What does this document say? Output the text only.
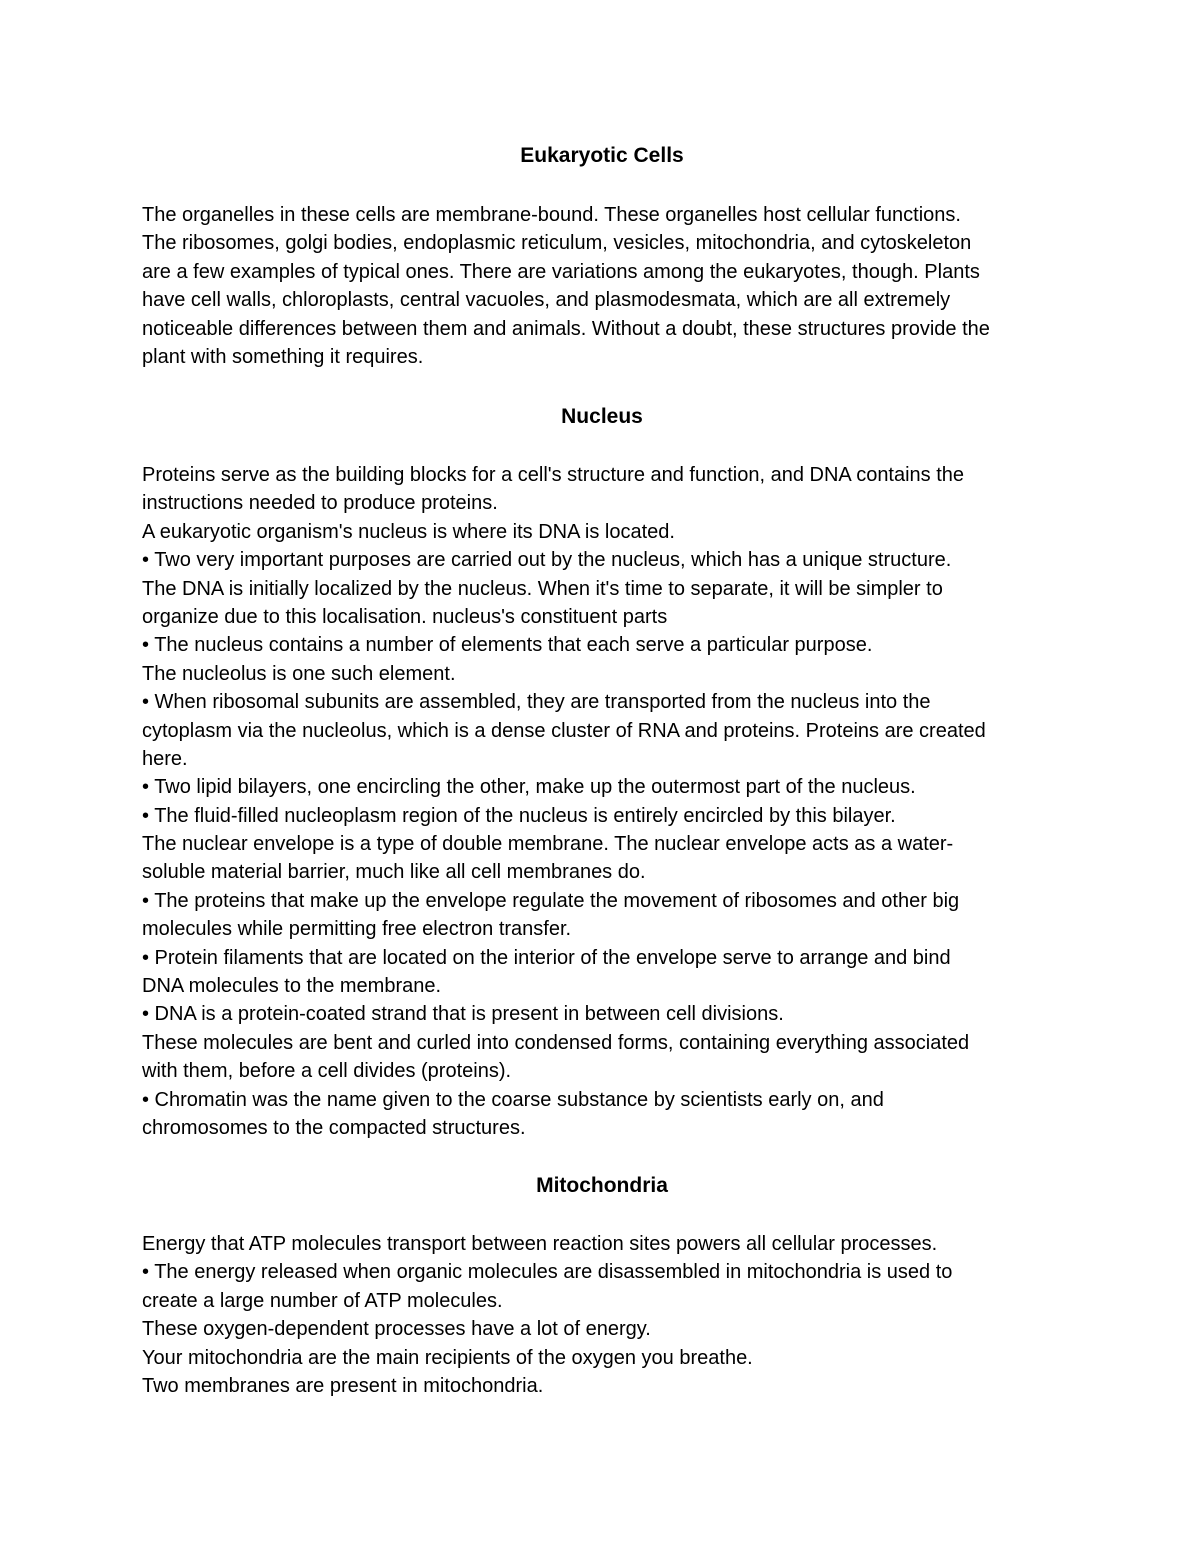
Eukaryotic Cells
The organelles in these cells are membrane-bound. These organelles host cellular functions.
The ribosomes, golgi bodies, endoplasmic reticulum, vesicles, mitochondria, and cytoskeleton
are a few examples of typical ones. There are variations among the eukaryotes, though. Plants
have cell walls, chloroplasts, central vacuoles, and plasmodesmata, which are all extremely
noticeable differences between them and animals. Without a doubt, these structures provide the
plant with something it requires.
Nucleus
Proteins serve as the building blocks for a cell's structure and function, and DNA contains the
instructions needed to produce proteins.
A eukaryotic organism's nucleus is where its DNA is located.
• Two very important purposes are carried out by the nucleus, which has a unique structure.
The DNA is initially localized by the nucleus. When it's time to separate, it will be simpler to
organize due to this localisation. nucleus's constituent parts
• The nucleus contains a number of elements that each serve a particular purpose.
The nucleolus is one such element.
• When ribosomal subunits are assembled, they are transported from the nucleus into the
cytoplasm via the nucleolus, which is a dense cluster of RNA and proteins. Proteins are created
here.
• Two lipid bilayers, one encircling the other, make up the outermost part of the nucleus.
• The fluid-filled nucleoplasm region of the nucleus is entirely encircled by this bilayer.
The nuclear envelope is a type of double membrane. The nuclear envelope acts as a water-
soluble material barrier, much like all cell membranes do.
• The proteins that make up the envelope regulate the movement of ribosomes and other big
molecules while permitting free electron transfer.
• Protein filaments that are located on the interior of the envelope serve to arrange and bind
DNA molecules to the membrane.
• DNA is a protein-coated strand that is present in between cell divisions.
These molecules are bent and curled into condensed forms, containing everything associated
with them, before a cell divides (proteins).
• Chromatin was the name given to the coarse substance by scientists early on, and
chromosomes to the compacted structures.
Mitochondria
Energy that ATP molecules transport between reaction sites powers all cellular processes.
• The energy released when organic molecules are disassembled in mitochondria is used to
create a large number of ATP molecules.
These oxygen-dependent processes have a lot of energy.
Your mitochondria are the main recipients of the oxygen you breathe.
Two membranes are present in mitochondria.
